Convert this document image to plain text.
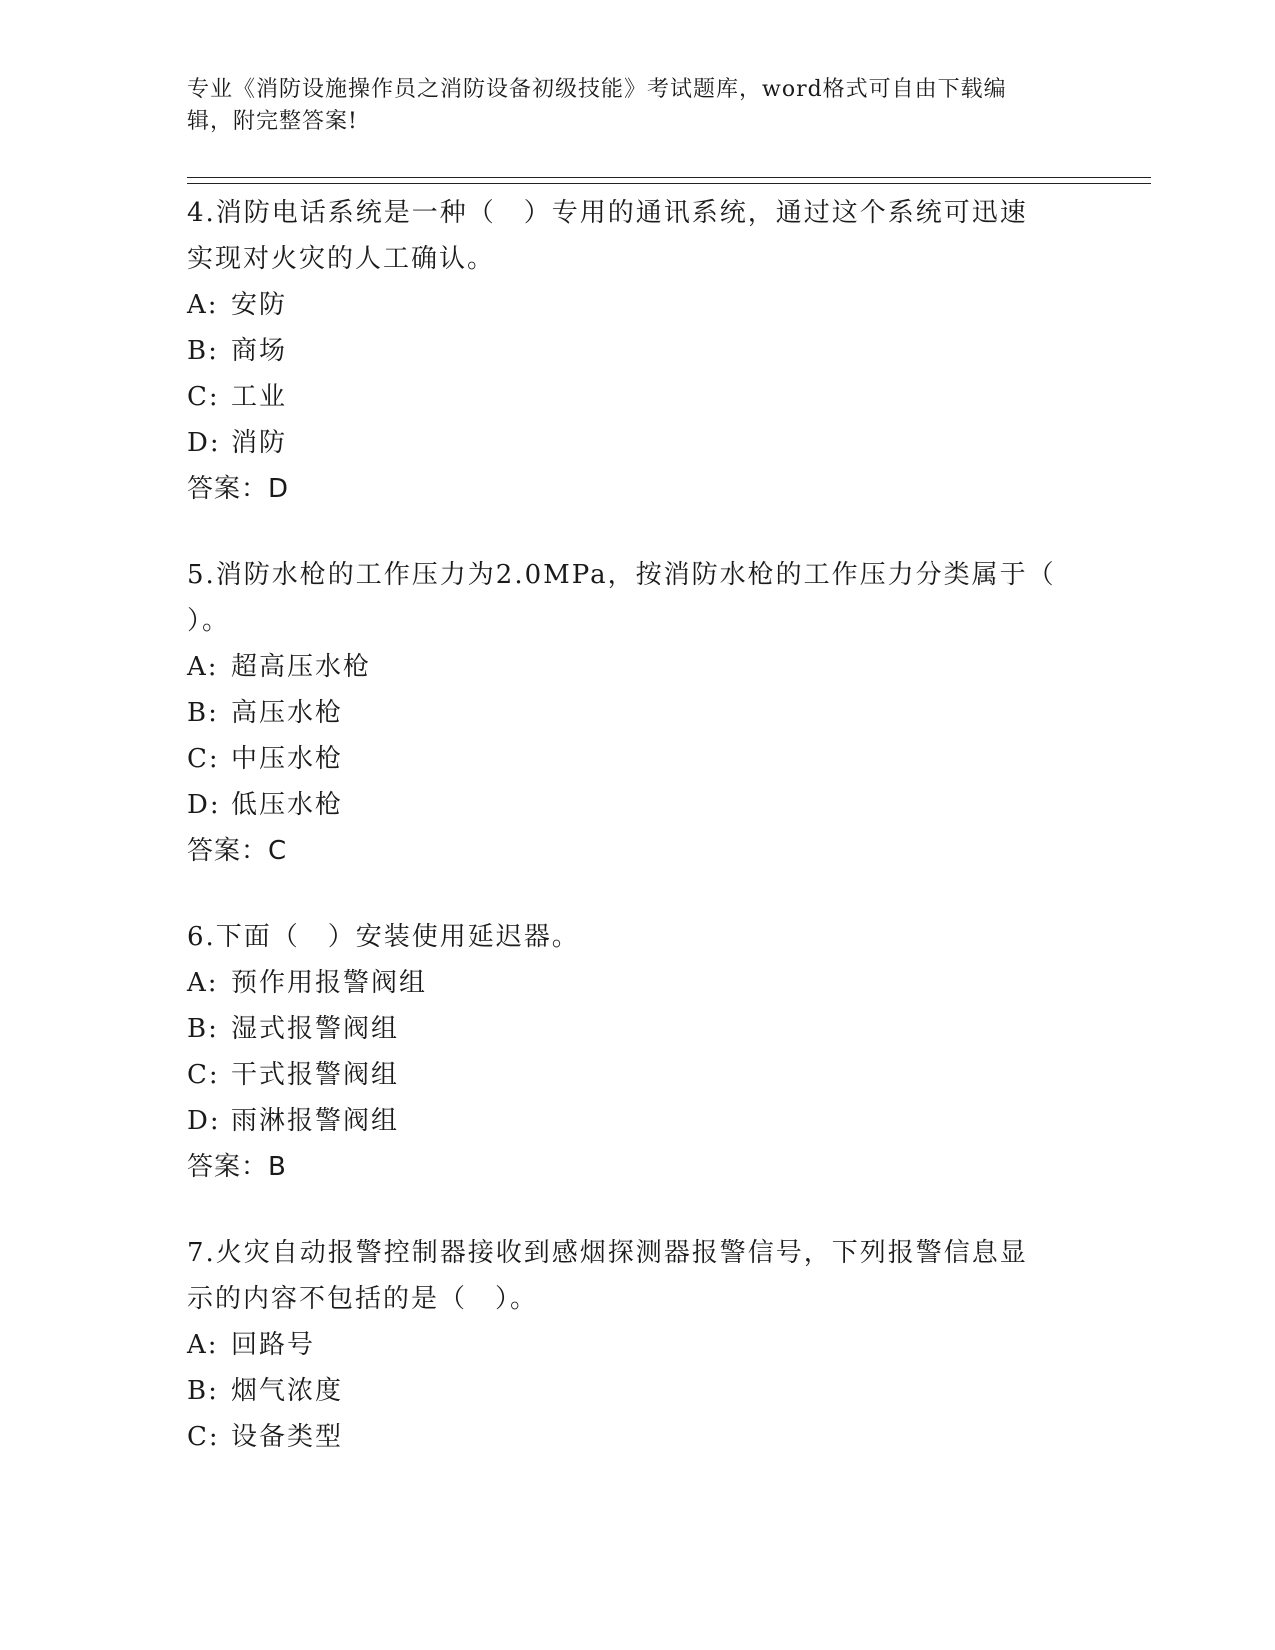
专业《消防设施操作员之消防设备初级技能》考试题库，word格式可自由下载编
辑，附完整答案!

4.消防电话系统是一种（　）专用的通讯系统，通过这个系统可迅速

实现对火灾的人工确认。

A: 安防

B: 商场

C: 工业

D: 消防

答案：D

5.消防水枪的工作压力为2.0MPa，按消防水枪的工作压力分类属于（

）。

A: 超高压水枪

B: 高压水枪

C: 中压水枪

D: 低压水枪

答案：C

6.下面（　）安装使用延迟器。

A: 预作用报警阀组

B: 湿式报警阀组

C: 干式报警阀组

D: 雨淋报警阀组

答案：B

7.火灾自动报警控制器接收到感烟探测器报警信号，下列报警信息显

示的内容不包括的是（　）。

A: 回路号

B: 烟气浓度

C: 设备类型
